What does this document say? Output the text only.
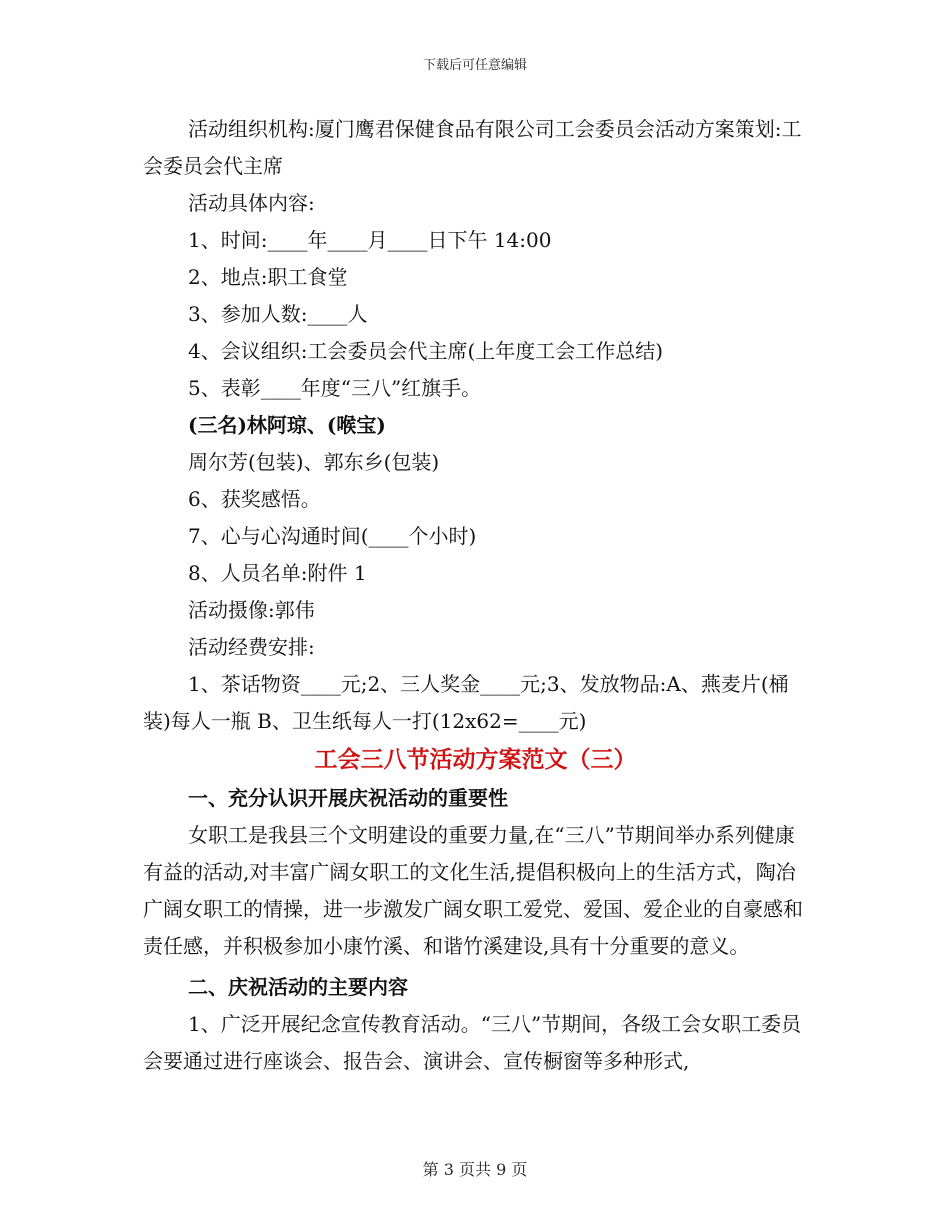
下载后可任意编辑

活动组织机构:厦门鹰君保健食品有限公司工会委员会活动方案策划:工会委员会代主席

活动具体内容:

1、时间:____年____月____日下午 14:00

2、地点:职工食堂

3、参加人数:____人

4、会议组织:工会委员会代主席(上年度工会工作总结)

5、表彰____年度“三八”红旗手。

(三名)林阿琼、(喉宝)

周尔芳(包装)、郭东乡(包装)

6、获奖感悟。

7、心与心沟通时间(____个小时)

8、人员名单:附件 1

活动摄像:郭伟

活动经费安排:

1、茶话物资____元;2、三人奖金____元;3、发放物品:A、燕麦片(桶装)每人一瓶 B、卫生纸每人一打(12x62=____元)

工会三八节活动方案范文（三）

一、充分认识开展庆祝活动的重要性

女职工是我县三个文明建设的重要力量,在“三八”节期间举办系列健康有益的活动,对丰富广阔女职工的文化生活,提倡积极向上的生活方式，陶冶广阔女职工的情操，进一步激发广阔女职工爱党、爱国、爱企业的自豪感和责任感，并积极参加小康竹溪、和谐竹溪建设,具有十分重要的意义。

二、庆祝活动的主要内容

1、广泛开展纪念宣传教育活动。“三八”节期间，各级工会女职工委员会要通过进行座谈会、报告会、演讲会、宣传橱窗等多种形式,

第 3 页共 9 页
